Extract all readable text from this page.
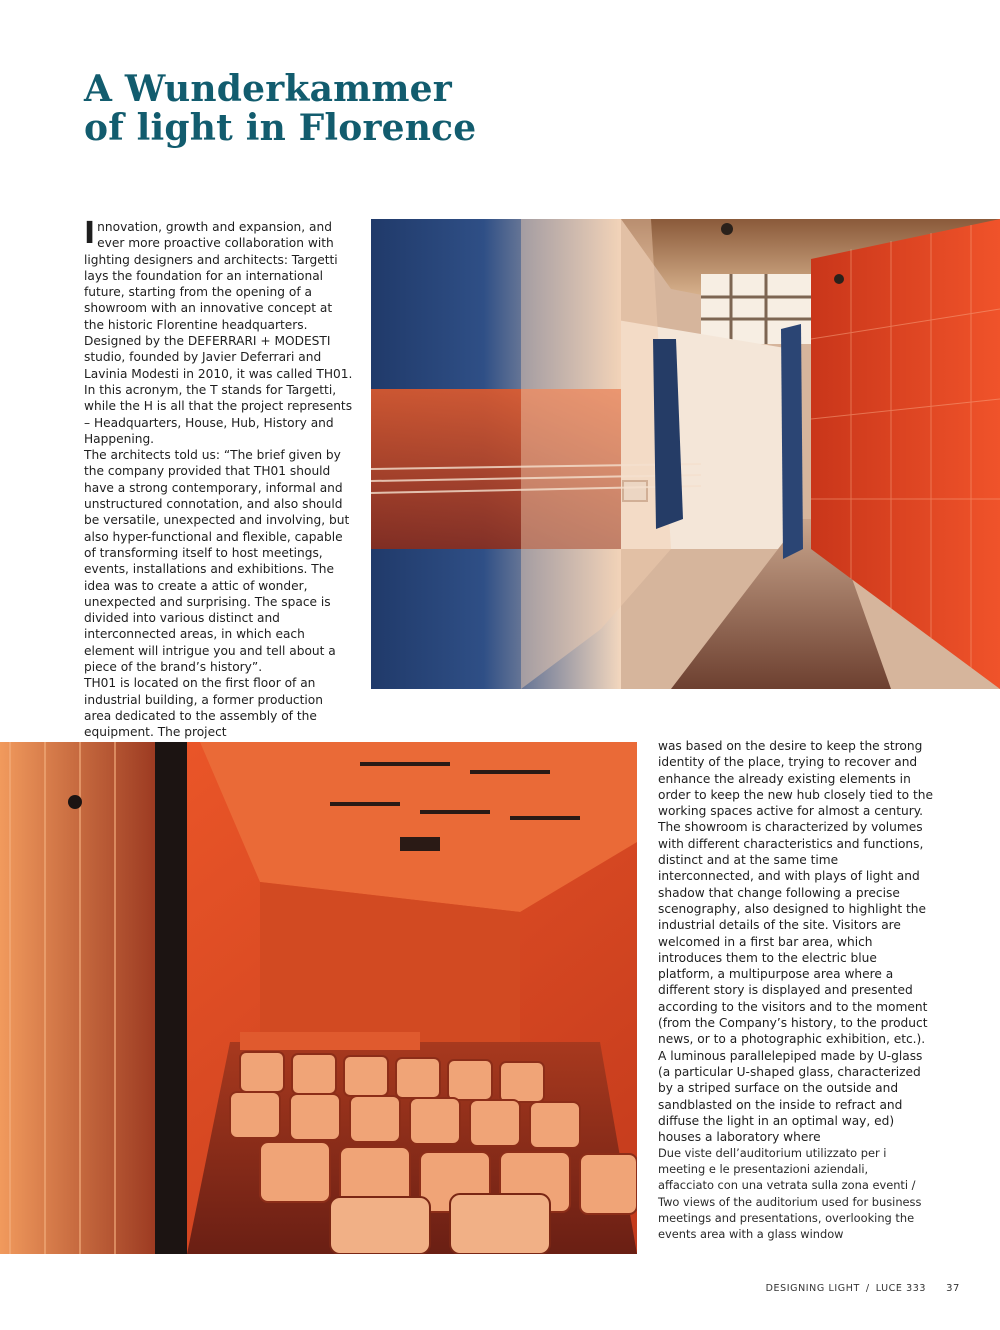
A Wunderkammer
of light in Florence

Innovation, growth and expansion, and ever more proactive collaboration with lighting designers and architects: Targetti lays the foundation for an international future, starting from the opening of a showroom with an innovative concept at the historic Florentine headquarters. Designed by the DEFERRARI + MODESTI studio, founded by Javier Deferrari and Lavinia Modesti in 2010, it was called TH01. In this acronym, the T stands for Targetti, while the H is all that the project represents – Headquarters, House, Hub, History and Happening.

The architects told us: “The brief given by the company provided that TH01 should have a strong contemporary, informal and unstructured connotation, and also should be versatile, unexpected and involving, but also hyper-functional and flexible, capable of transforming itself to host meetings, events, installations and exhibitions. The idea was to create a attic of wonder, unexpected and surprising. The space is divided into various distinct and interconnected areas, in which each element will intrigue you and tell about a piece of the brand’s history”.

TH01 is located on the first floor of an industrial building, a former production area dedicated to the assembly of the equipment. The project

was based on the desire to keep the strong identity of the place, trying to recover and enhance the already existing elements in order to keep the new hub closely tied to the working spaces active for almost a century. The showroom is characterized by volumes with different characteristics and functions, distinct and at the same time interconnected, and with plays of light and shadow that change following a precise scenography, also designed to highlight the industrial details of the site. Visitors are welcomed in a first bar area, which introduces them to the electric blue platform, a multipurpose area where a different story is displayed and presented according to the visitors and to the moment (from the Company’s history, to the product news, or to a photographic exhibition, etc.).

A luminous parallelepiped made by U-glass (a particular U-shaped glass, characterized by a striped surface on the outside and sandblasted on the inside to refract and diffuse the light in an optimal way, ed) houses a laboratory where

Due viste dell’auditorium utilizzato per i meeting e le presentazioni aziendali, affacciato con una vetrata sulla zona eventi /

Two views of the auditorium used for business meetings and presentations, overlooking the events area with a glass window

DESIGNING LIGHT / LUCE 333 37
